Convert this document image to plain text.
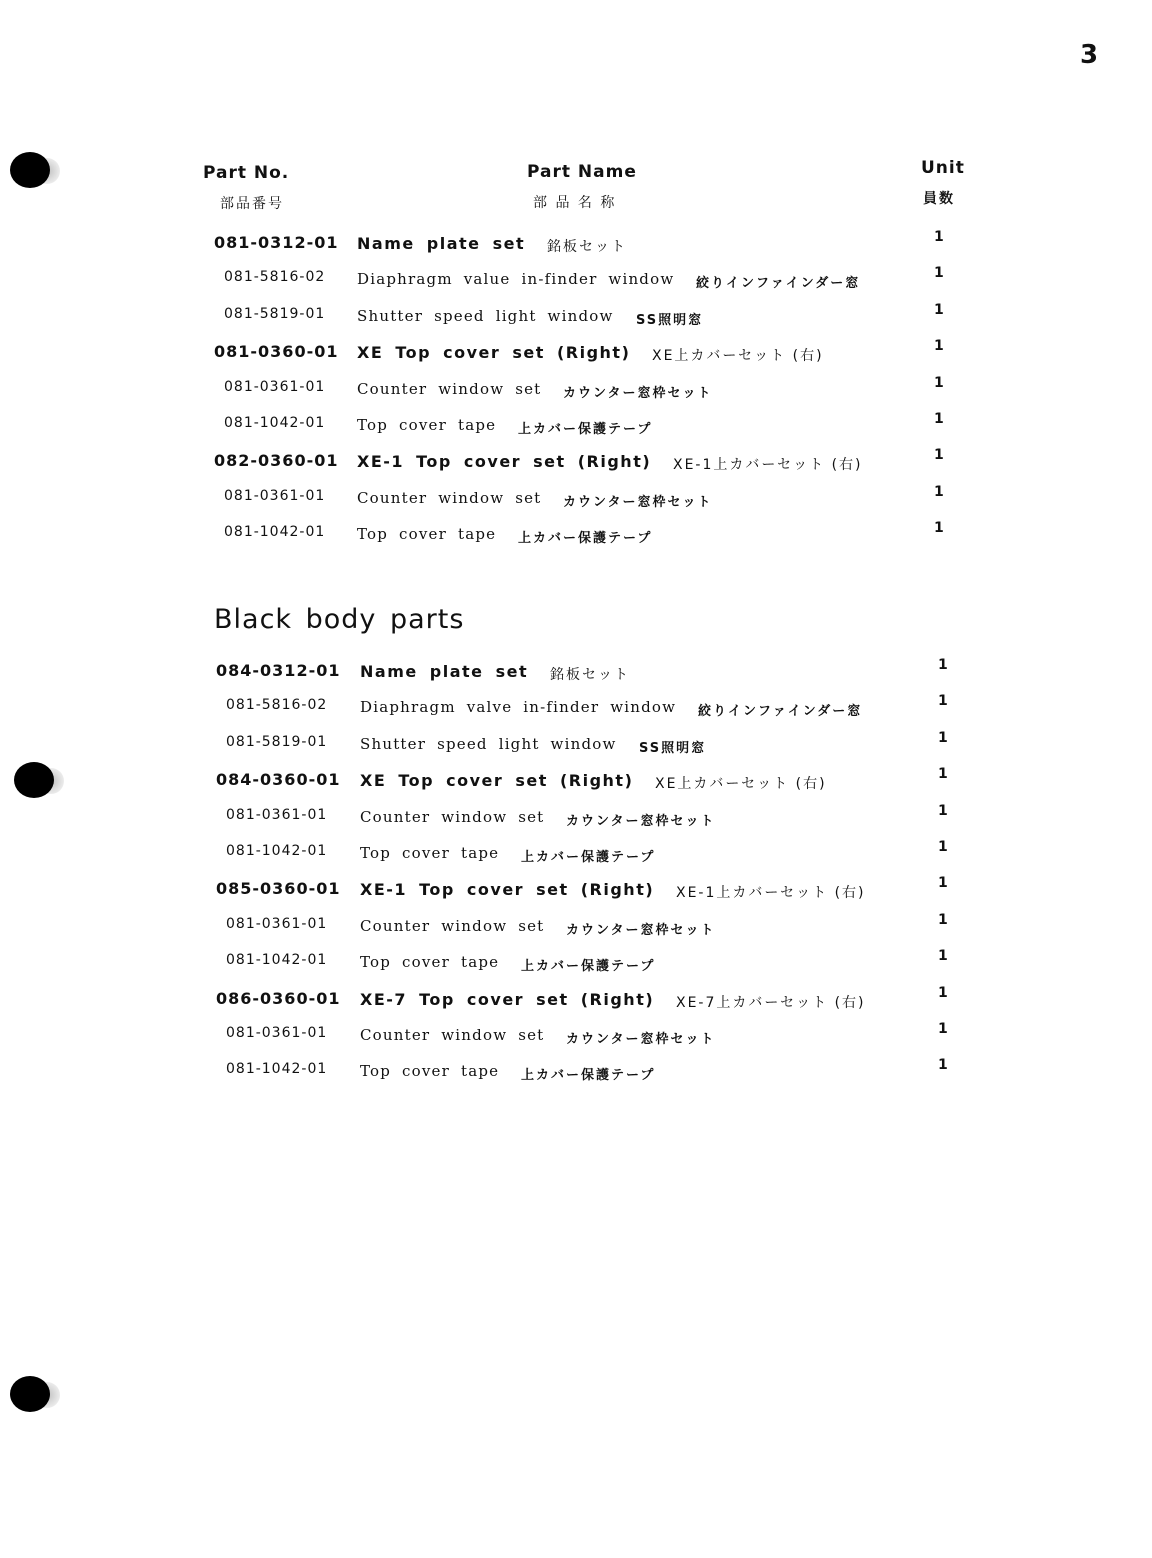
3
Part No.
部品番号
Part Name
部 品 名 称
Unit
員数
081-0312-01 Name plate set 銘板セット
1
081-5816-02 Diaphragm value in-finder window 絞りインファインダー窓
1
081-5819-01 Shutter speed light window SS照明窓
1
081-0360-01 XE Top cover set (Right) XE上カバーセット (右)
1
081-0361-01 Counter window set カウンター窓枠セット
1
081-1042-01 Top cover tape 上カバー保護テープ
1
082-0360-01 XE-1 Top cover set (Right) XE-1上カバーセット (右)
1
081-0361-01 Counter window set カウンター窓枠セット
1
081-1042-01 Top cover tape 上カバー保護テープ
1
Black body parts
084-0312-01 Name plate set 銘板セット
1
081-5816-02 Diaphragm valve in-finder window 絞りインファインダー窓
1
081-5819-01 Shutter speed light window SS照明窓
1
084-0360-01 XE Top cover set (Right) XE上カバーセット (右)
1
081-0361-01 Counter window set カウンター窓枠セット
1
081-1042-01 Top cover tape 上カバー保護テープ
1
085-0360-01 XE-1 Top cover set (Right) XE-1上カバーセット (右)
1
081-0361-01 Counter window set カウンター窓枠セット
1
081-1042-01 Top cover tape 上カバー保護テープ
1
086-0360-01 XE-7 Top cover set (Right) XE-7上カバーセット (右)
1
081-0361-01 Counter window set カウンター窓枠セット
1
081-1042-01 Top cover tape 上カバー保護テープ
1
